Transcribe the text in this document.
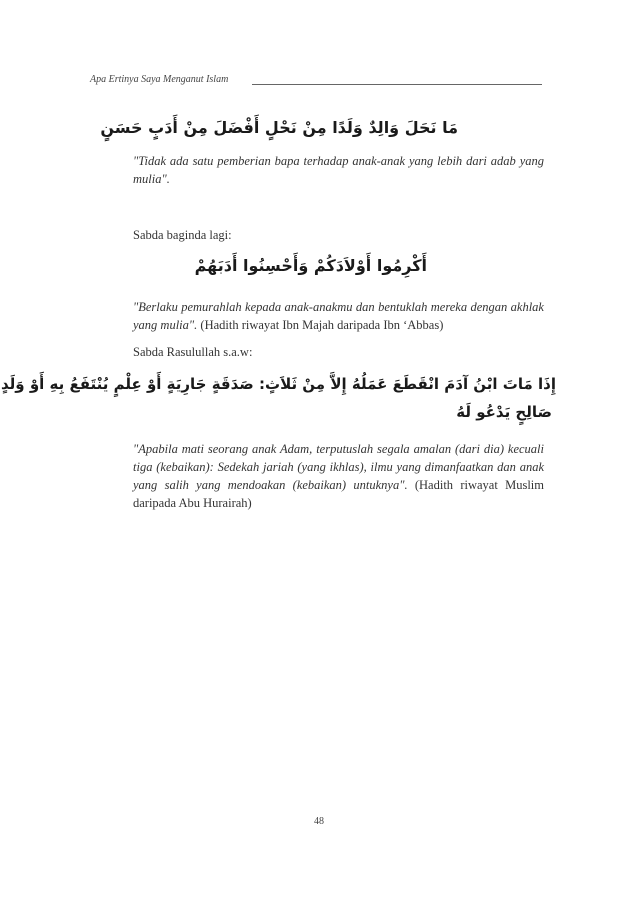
Apa Ertinya Saya Menganut Islam
ﻣَﺎ ﻧَﺤَﻞَ ﻭَﺍﻟِﺪٌ ﻭَﻟَﺪًﺍ ﻣِﻦْ ﻧَﺤْﻞٍ ﺃَﻓْﻀَﻞَ ﻣِﻦْ ﺃَﺩَﺏٍ ﺣَﺴَﻦٍ
"Tidak ada satu pemberian bapa terhadap anak-anak yang lebih dari adab yang mulia".
Sabda baginda lagi:
ﺃَﻛْﺮِﻣُﻮﺍ ﺃَﻭْﻻَﺩَﻛُﻢْ ﻭَﺃَﺣْﺴِﻨُﻮﺍ ﺃَﺩَﺑَﻬُﻢْ
"Berlaku pemurahlah kepada anak-anakmu dan bentuklah mereka dengan akhlak yang mulia". (Hadith riwayat Ibn Majah daripada Ibn ‘Abbas)
Sabda Rasulullah s.a.w:
ﺇِﺫَﺍ ﻣَﺎﺕَ ﺍﺑْﻦُ ﺁﺩَﻡَ ﺍﻧْﻘَﻄَﻊَ ﻋَﻤَﻠُﻪُ ﺇِﻻَّ ﻣِﻦْ ﺛَﻼَﺙٍ: ﺻَﺪَﻗَﺔٍ ﺟَﺎﺭِﻳَﺔٍ ﺃَﻭْ ﻋِﻠْﻢٍ ﻳُﻨْﺘَﻔَﻊُ ﺑِﻪِ ﺃَﻭْ ﻭَﻟَﺪٍ
ﺻَﺎﻟِﺢٍ ﻳَﺪْﻋُﻮ ﻟَﻪُ
"Apabila mati seorang anak Adam, terputuslah segala amalan (dari dia) kecuali tiga (kebaikan): Sedekah jariah (yang ikhlas), ilmu yang dimanfaatkan dan anak yang salih yang mendoakan (kebaikan) untuknya". (Hadith riwayat Muslim daripada Abu Hurairah)
48
